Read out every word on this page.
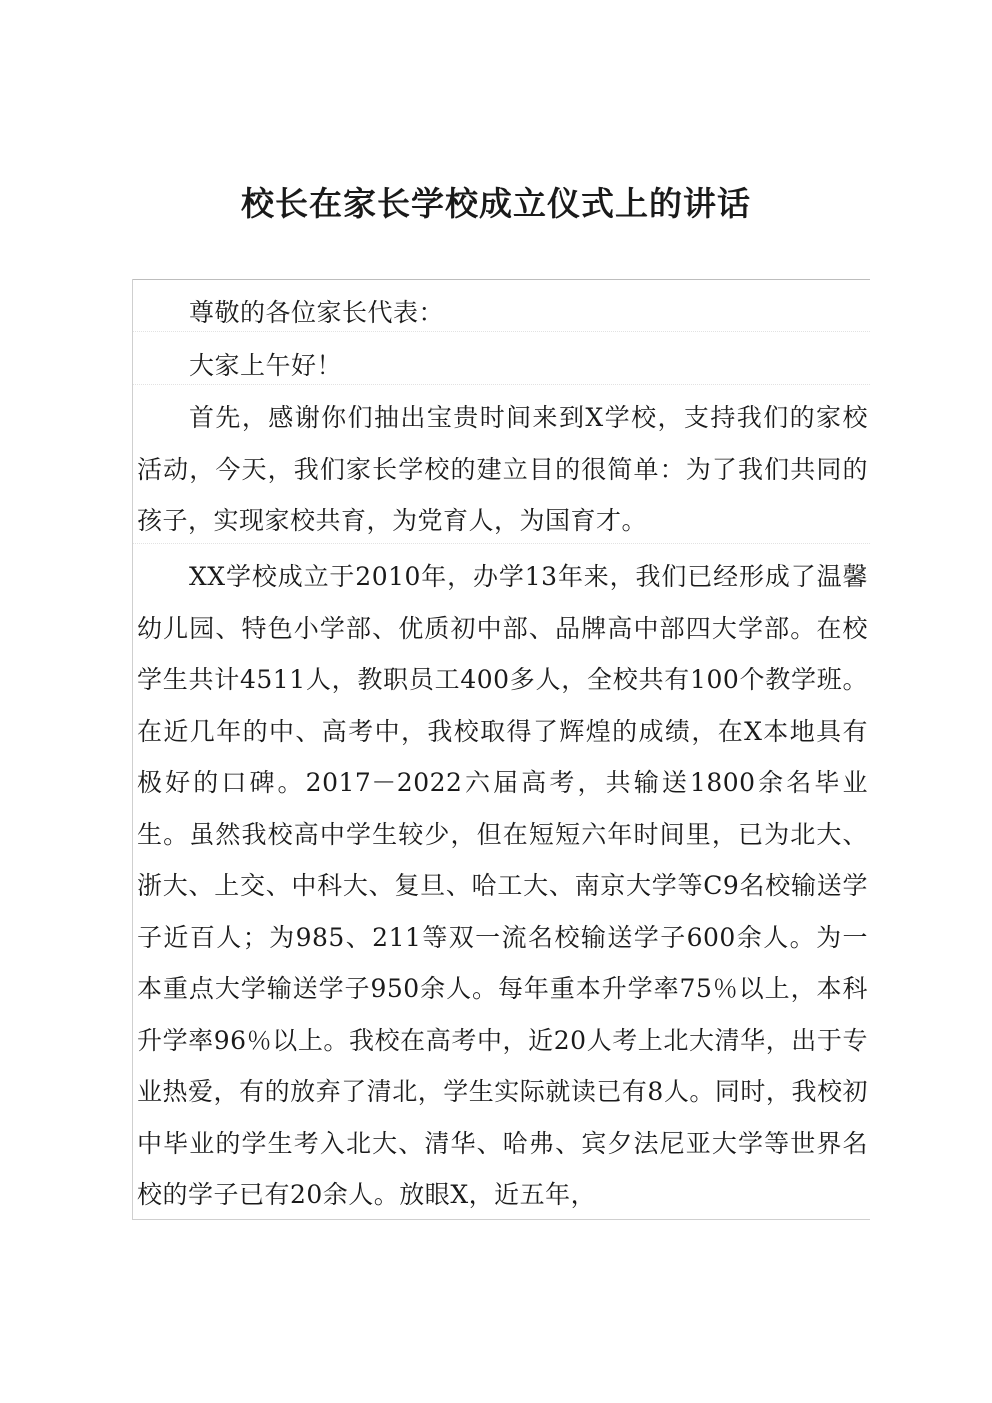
校长在家长学校成立仪式上的讲话

尊敬的各位家长代表：

大家上午好！

首先，感谢你们抽出宝贵时间来到X学校，支持我们的家校活动，今天，我们家长学校的建立目的很简单：为了我们共同的孩子，实现家校共育，为党育人，为国育才。

XX学校成立于2010年，办学13年来，我们已经形成了温馨幼儿园、特色小学部、优质初中部、品牌高中部四大学部。在校学生共计4511人，教职员工400多人，全校共有100个教学班。在近几年的中、高考中，我校取得了辉煌的成绩，在X本地具有极好的口碑。2017－2022六届高考，共输送1800余名毕业生。虽然我校高中学生较少，但在短短六年时间里，已为北大、浙大、上交、中科大、复旦、哈工大、南京大学等C9名校输送学子近百人；为985、211等双一流名校输送学子600余人。为一本重点大学输送学子950余人。每年重本升学率75％以上，本科升学率96％以上。我校在高考中，近20人考上北大清华，出于专业热爱，有的放弃了清北，学生实际就读已有8人。同时，我校初中毕业的学生考入北大、清华、哈弗、宾夕法尼亚大学等世界名校的学子已有20余人。放眼X，近五年，
